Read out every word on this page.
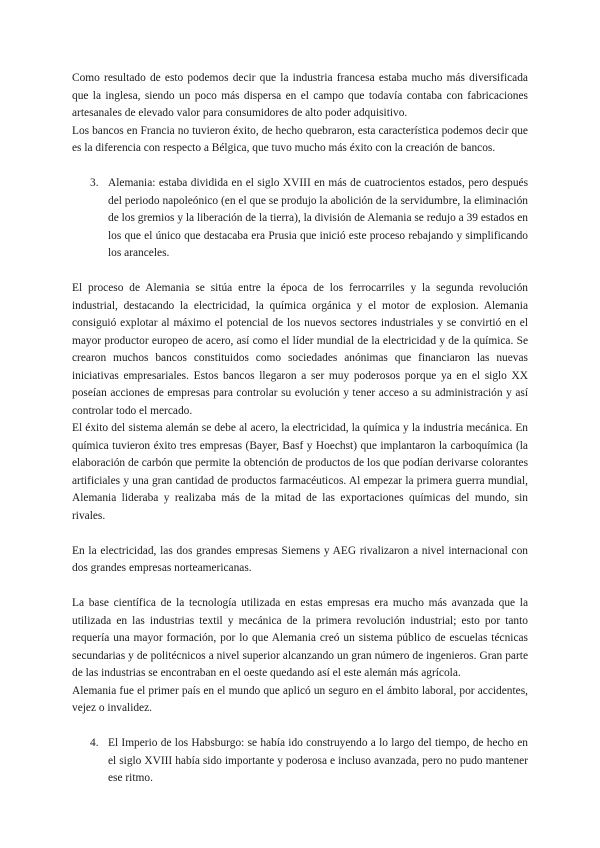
Como resultado de esto podemos decir que la industria francesa estaba mucho más diversificada que la inglesa, siendo un poco más dispersa en el campo que todavía contaba con fabricaciones artesanales de elevado valor para consumidores de alto poder adquisitivo.

Los bancos en Francia no tuvieron éxito, de hecho quebraron, esta característica podemos decir que es la diferencia con respecto a Bélgica, que tuvo mucho más éxito con la creación de bancos.

3. Alemania: estaba dividida en el siglo XVIII en más de cuatrocientos estados, pero después del periodo napoleónico (en el que se produjo la abolición de la servidumbre, la eliminación de los gremios y la liberación de la tierra), la división de Alemania se redujo a 39 estados en los que el único que destacaba era Prusia que inició este proceso rebajando y simplificando los aranceles.

El proceso de Alemania se sitúa entre la época de los ferrocarriles y la segunda revolución industrial, destacando la electricidad, la química orgánica y el motor de explosion. Alemania consiguió explotar al máximo el potencial de los nuevos sectores industriales y se convirtió en el mayor productor europeo de acero, así como el líder mundial de la electricidad y de la química. Se crearon muchos bancos constituidos como sociedades anónimas que financiaron las nuevas iniciativas empresariales. Estos bancos llegaron a ser muy poderosos porque ya en el siglo XX poseían acciones de empresas para controlar su evolución y tener acceso a su administración y así controlar todo el mercado.

El éxito del sistema alemán se debe al acero, la electricidad, la química y la industria mecánica. En química tuvieron éxito tres empresas (Bayer, Basf y Hoechst) que implantaron la carboquímica (la elaboración de carbón que permite la obtención de productos de los que podían derivarse colorantes artificiales y una gran cantidad de productos farmacéuticos. Al empezar la primera guerra mundial, Alemania lideraba y realizaba más de la mitad de las exportaciones químicas del mundo, sin rivales.

En la electricidad, las dos grandes empresas Siemens y AEG rivalizaron a nivel internacional con dos grandes empresas norteamericanas.

La base científica de la tecnología utilizada en estas empresas era mucho más avanzada que la utilizada en las industrias textil y mecánica de la primera revolución industrial; esto por tanto requería una mayor formación, por lo que Alemania creó un sistema público de escuelas técnicas secundarias y de politécnicos a nivel superior alcanzando un gran número de ingenieros. Gran parte de las industrias se encontraban en el oeste quedando así el este alemán más agrícola.

Alemania fue el primer país en el mundo que aplicó un seguro en el ámbito laboral, por accidentes, vejez o invalidez.

4. El Imperio de los Habsburgo: se había ido construyendo a lo largo del tiempo, de hecho en el siglo XVIII había sido importante y poderosa e incluso avanzada, pero no pudo mantener ese ritmo.
